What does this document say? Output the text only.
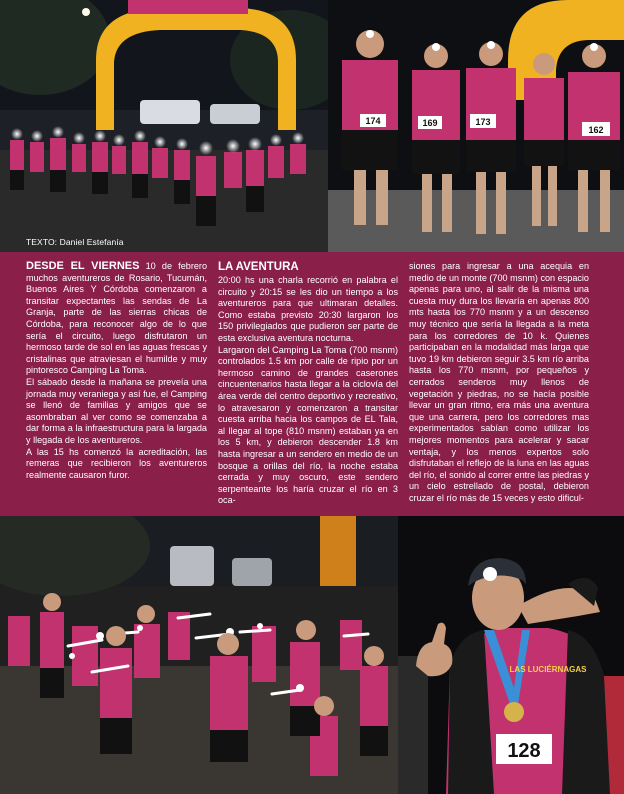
TEXTO: Daniel Estefanía
174	169	173
162

DESDE EL VIERNES 10 de febrero muchos aventureros de Rosario, Tucumán, Buenos Aires Y Córdoba comenzaron a transitar expectantes las sendas de La Granja, parte de las sierras chicas de Córdoba, para reconocer algo de lo que sería el circuito, luego disfrutaron un hermoso tarde de sol en las aguas frescas y cristalinas que atraviesan el humilde y muy pintoresco Camping La Toma.

El sábado desde la mañana se preveía una jornada muy veraniega y así fue, el Camping se llenó de familias y amigos que se asombraban al ver como se comenzaba a dar forma a la infraestructura para la largada y llegada de los aventureros.

A las 15 hs comenzó la acreditación, las remeras que recibieron los aventureros realmente causaron furor.

LA AVENTURA

20:00 hs una charla recorrió en palabra el circuito y 20:15 se les dio un tiempo a los aventureros para que ultimaran detalles. Como estaba previsto 20:30 largaron los 150 privilegiados que pudieron ser parte de esta exclusiva aventura nocturna.

Largaron del Camping La Toma (700 msnm) controlados 1.5 km por calle de ripio por un hermoso camino de grandes caserones cincuentenarios hasta llegar a la ciclovía del área verde del centro deportivo y recreativo, lo atravesaron y comenzaron a transitar cuesta arriba hacia los campos de EL Tala, al llegar al tope (810 msnm) estaban ya en los 5 km, y debieron descender 1.8 km hasta ingresar a un sendero en medio de un bosque a orillas del río, la noche estaba cerrada y muy oscuro, este sendero serpenteante los haría cruzar el río en 3 oca-

siones para ingresar a una acequia en medio de un monte (700 msnm) con espacio apenas para uno, al salir de la misma una cuesta muy dura los llevaría en apenas 800 mts hasta los 770 msnm y a un descenso muy técnico que sería la llegada a la meta para los corredores de 10 k. Quienes participaban en la modalidad más larga que tuvo 19 km debieron seguir 3.5 km río arriba hasta los 770 msnm, por pequeños y cerrados senderos muy llenos de vegetación y piedras, no se hacía posible llevar un gran ritmo, era más una aventura que una carrera, pero los corredores mas experimentados sabían como utilizar los mejores momentos para acelerar y sacar ventaja, y los menos expertos solo disfrutaban el reflejo de la luna en las aguas del río, el sonido al correr entre las piedras y un cielo estrellado de postal, debieron cruzar el río más de 15 veces y esto dificul-

LAS LUCIÉRNAGAS
128
